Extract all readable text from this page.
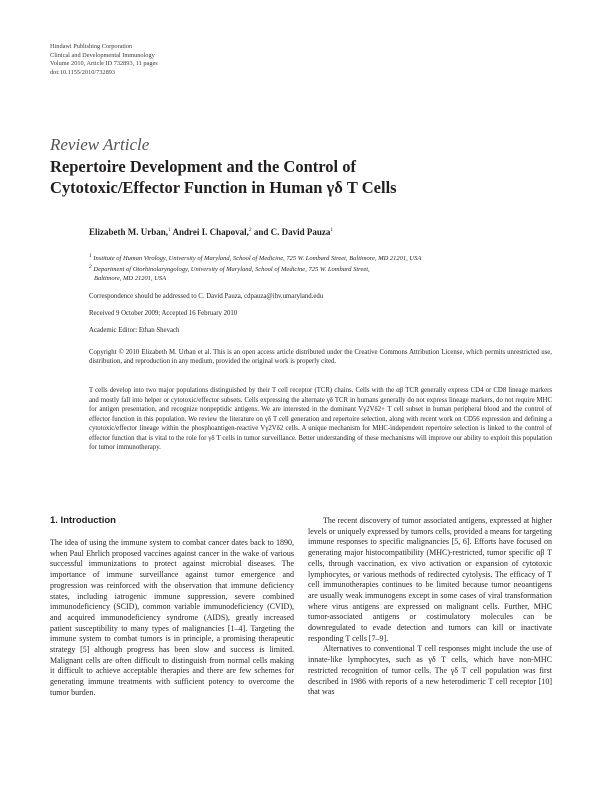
Hindawi Publishing Corporation
Clinical and Developmental Immunology
Volume 2010, Article ID 732893, 11 pages
doi:10.1155/2010/732893
Review Article
Repertoire Development and the Control of
Cytotoxic/Effector Function in Human γδ T Cells
Elizabeth M. Urban,$^1$ Andrei I. Chapoval,$^2$ and C. David Pauza$^1$
$^1$ Institute of Human Virology, University of Maryland, School of Medicine, 725 W. Lombard Street, Baltimore, MD 21201, USA
$^2$ Department of Otorhinolaryngology, University of Maryland, School of Medicine, 725 W. Lombard Street,
Baltimore, MD 21201, USA
Correspondence should be addressed to C. David Pauza, cdpauza@ihv.umaryland.edu
Received 9 October 2009; Accepted 16 February 2010
Academic Editor: Ethan Shevach
Copyright © 2010 Elizabeth M. Urban et al. This is an open access article distributed under the Creative Commons Attribution License, which permits unrestricted use, distribution, and reproduction in any medium, provided the original work is properly cited.
T cells develop into two major populations distinguished by their T cell receptor (TCR) chains. Cells with the αβ TCR generally express CD4 or CD8 lineage markers and mostly fall into helper or cytotoxic/effector subsets. Cells expressing the alternate γδ TCR in humans generally do not express lineage markers, do not require MHC for antigen presentation, and recognize nonpeptidic antigens. We are interested in the dominant Vγ2Vδ2+ T cell subset in human peripheral blood and the control of effector function in this population. We review the literature on γδ T cell generation and repertoire selection, along with recent work on CD56 expression and defining a cytotoxic/effector lineage within the phosphoantigen-reactive Vγ2Vδ2 cells. A unique mechanism for MHC-independent repertoire selection is linked to the control of effector function that is vital to the role for γδ T cells in tumor surveillance. Better understanding of these mechanisms will improve our ability to exploit this population for tumor immunotherapy.
1. Introduction

The idea of using the immune system to combat cancer dates back to 1890, when Paul Ehrlich proposed vaccines against cancer in the wake of various successful immunizations to protect against microbial diseases. The importance of immune surveillance against tumor emergence and progression was reinforced with the observation that immune deficiency states, including iatrogenic immune suppression, severe combined immunodeficiency (SCID), common variable immunodeficiency (CVID), and acquired immunodeficiency syndrome (AIDS), greatly increased patient susceptibility to many types of malignancies [1–4]. Targeting the immune system to combat tumors is in principle, a promising therapeutic strategy [5] although progress has been slow and success is limited. Malignant cells are often difficult to distinguish from normal cells making it difficult to achieve acceptable therapies and there are few schemes for generating immune treatments with sufficient potency to overcome the tumor burden.

The recent discovery of tumor associated antigens, expressed at higher levels or uniquely expressed by tumors cells, provided a means for targeting immune responses to specific malignancies [5, 6]. Efforts have focused on generating major histocompatibility (MHC)-restricted, tumor specific αβ T cells, through vaccination, ex vivo activation or expansion of cytotoxic lymphocytes, or various methods of redirected cytolysis. The efficacy of T cell immunotherapies continues to be limited because tumor neoantigens are usually weak immunogens except in some cases of viral transformation where virus antigens are expressed on malignant cells. Further, MHC tumor-associated antigens or costimulatory molecules can be downregulated to evade detection and tumors can kill or inactivate responding T cells [7–9].

Alternatives to conventional T cell responses might include the use of innate-like lymphocytes, such as γδ T cells, which have non-MHC restricted recognition of tumor cells. The γδ T cell population was first described in 1986 with reports of a new heterodimeric T cell receptor [10] that was
